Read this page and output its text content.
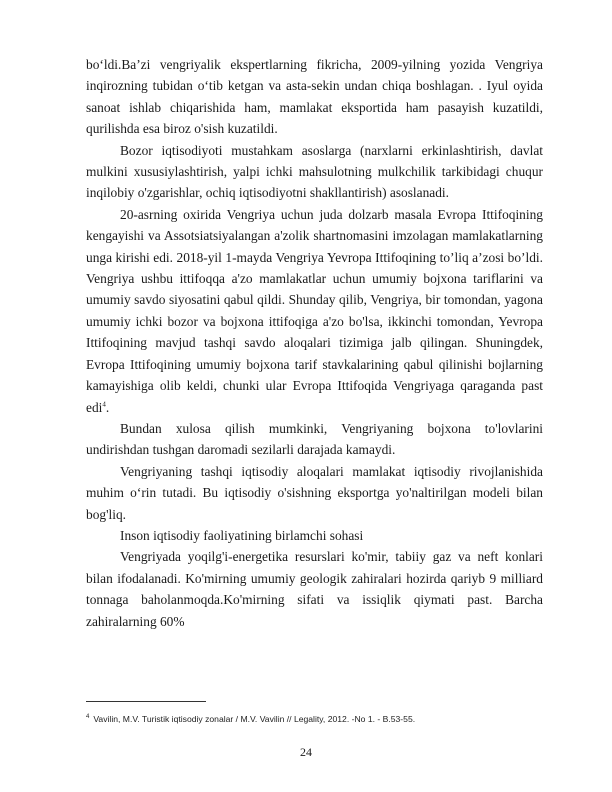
bo‘ldi.Ba’zi vengriyalik ekspertlarning fikricha, 2009-yilning yozida Vengriya inqirozning tubidan o‘tib ketgan va asta-sekin undan chiqa boshlagan. . Iyul oyida sanoat ishlab chiqarishida ham, mamlakat eksportida ham pasayish kuzatildi, qurilishda esa biroz o'sish kuzatildi.

Bozor iqtisodiyoti mustahkam asoslarga (narxlarni erkinlashtirish, davlat mulkini xususiylashtirish, yalpi ichki mahsulotning mulkchilik tarkibidagi chuqur inqilobiy o'zgarishlar, ochiq iqtisodiyotni shakllantirish) asoslanadi.

20-asrning oxirida Vengriya uchun juda dolzarb masala Evropa Ittifoqining kengayishi va Assotsiatsiyalangan a'zolik shartnomasini imzolagan mamlakatlarning unga kirishi edi. 2018-yil 1-mayda Vengriya Yevropa Ittifoqining to’liq a’zosi bo’ldi. Vengriya ushbu ittifoqqa a'zo mamlakatlar uchun umumiy bojxona tariflarini va umumiy savdo siyosatini qabul qildi. Shunday qilib, Vengriya, bir tomondan, yagona umumiy ichki bozor va bojxona ittifoqiga a'zo bo'lsa, ikkinchi tomondan, Yevropa Ittifoqining mavjud tashqi savdo aloqalari tizimiga jalb qilingan. Shuningdek, Evropa Ittifoqining umumiy bojxona tarif stavkalarining qabul qilinishi bojlarning kamayishiga olib keldi, chunki ular Evropa Ittifoqida Vengriyaga qaraganda past edi$^4$.

Bundan xulosa qilish mumkinki, Vengriyaning bojxona to'lovlarini undirishdan tushgan daromadi sezilarli darajada kamaydi.

Vengriyaning tashqi iqtisodiy aloqalari mamlakat iqtisodiy rivojlanishida muhim o‘rin tutadi. Bu iqtisodiy o'sishning eksportga yo'naltirilgan modeli bilan bog'liq.

Inson iqtisodiy faoliyatining birlamchi sohasi

Vengriyada yoqilg'i-energetika resurslari ko'mir, tabiiy gaz va neft konlari bilan ifodalanadi. Ko'mirning umumiy geologik zahiralari hozirda qariyb 9 milliard tonnaga baholanmoqda.Ko'mirning sifati va issiqlik qiymati past. Barcha zahiralarning 60%

$^4$ Vavilin, M.V. Turistik iqtisodiy zonalar / M.V. Vavilin // Legality, 2012. -No 1. - B.53-55.
24
